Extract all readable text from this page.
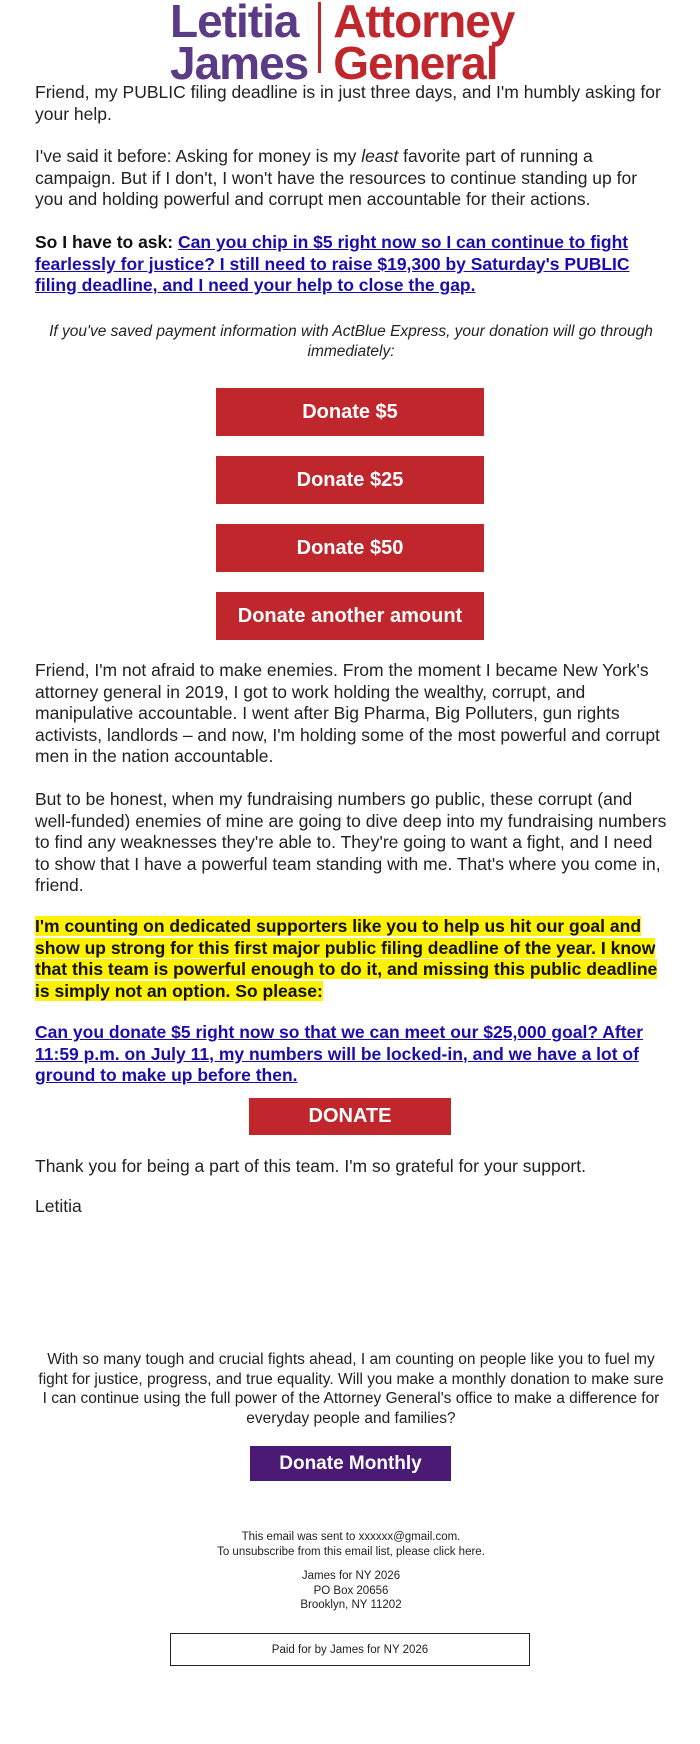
Letitia
James
Attorney
General

Friend, my PUBLIC filing deadline is in just three days, and I'm humbly asking for your help.

I've said it before: Asking for money is my least favorite part of running a campaign. But if I don't, I won't have the resources to continue standing up for you and holding powerful and corrupt men accountable for their actions.

So I have to ask: Can you chip in $5 right now so I can continue to fight fearlessly for justice? I still need to raise $19,300 by Saturday's PUBLIC filing deadline, and I need your help to close the gap.

If you've saved payment information with ActBlue Express, your donation will go through immediately:

Donate $5
Donate $25
Donate $50
Donate another amount

Friend, I'm not afraid to make enemies. From the moment I became New York's attorney general in 2019, I got to work holding the wealthy, corrupt, and manipulative accountable. I went after Big Pharma, Big Polluters, gun rights activists, landlords – and now, I'm holding some of the most powerful and corrupt men in the nation accountable.

But to be honest, when my fundraising numbers go public, these corrupt (and well-funded) enemies of mine are going to dive deep into my fundraising numbers to find any weaknesses they're able to. They're going to want a fight, and I need to show that I have a powerful team standing with me. That's where you come in, friend.

I'm counting on dedicated supporters like you to help us hit our goal and show up strong for this first major public filing deadline of the year. I know that this team is powerful enough to do it, and missing this public deadline is simply not an option. So please:

Can you donate $5 right now so that we can meet our $25,000 goal? After 11:59 p.m. on July 11, my numbers will be locked-in, and we have a lot of ground to make up before then.

DONATE

Thank you for being a part of this team. I'm so grateful for your support.

Letitia

With so many tough and crucial fights ahead, I am counting on people like you to fuel my fight for justice, progress, and true equality. Will you make a monthly donation to make sure I can continue using the full power of the Attorney General's office to make a difference for everyday people and families?

Donate Monthly
This email was sent to xxxxxx@gmail.com.
To unsubscribe from this email list, please click here.
James for NY 2026
PO Box 20656
Brooklyn, NY 11202
Paid for by James for NY 2026
